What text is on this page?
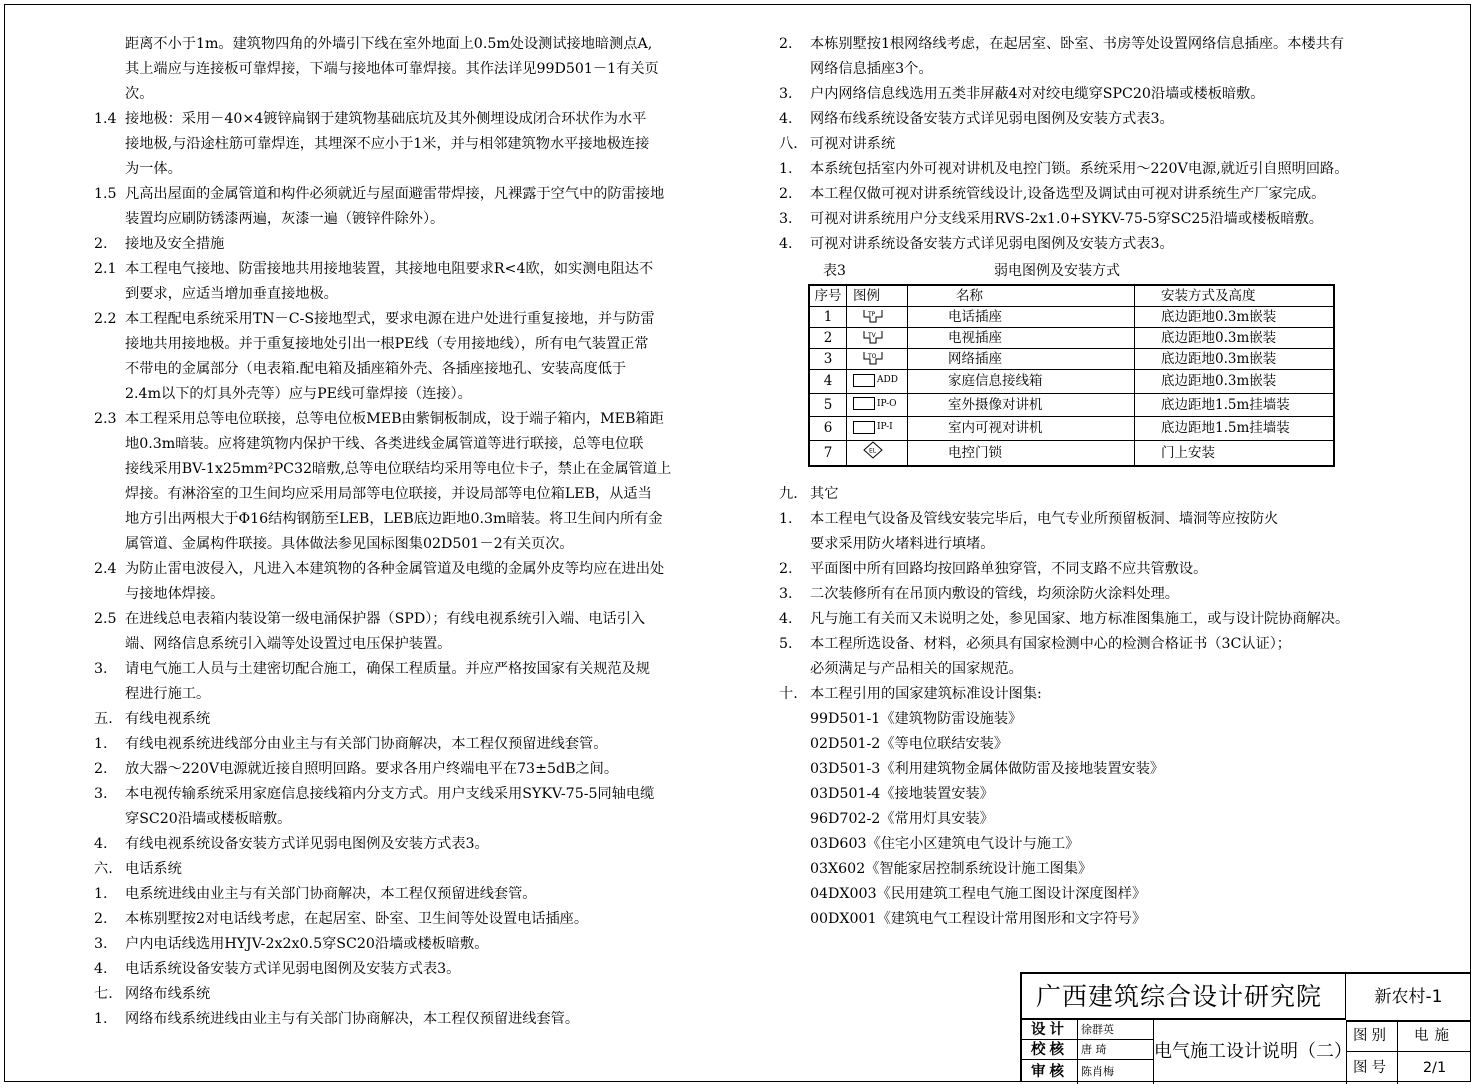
距离不小于1m。建筑物四角的外墙引下线在室外地面上0.5m处设测试接地暗测点A,
其上端应与连接板可靠焊接，下端与接地体可靠焊接。其作法详见99D501－1有关页
次。
1.4 接地极：采用－40×4镀锌扁钢于建筑物基础底坑及其外侧埋设成闭合环状作为水平
接地极,与沿途柱筋可靠焊连，其埋深不应小于1米，并与相邻建筑物水平接地极连接
为一体。
1.5 凡高出屋面的金属管道和构件必须就近与屋面避雷带焊接，凡裸露于空气中的防雷接地
装置均应刷防锈漆两遍，灰漆一遍（镀锌件除外）。
2.	接地及安全措施
2.1 本工程电气接地、防雷接地共用接地装置，其接地电阻要求R<4欧，如实测电阻达不
到要求，应适当增加垂直接地极。
2.2 本工程配电系统采用TN－C-S接地型式，要求电源在进户处进行重复接地，并与防雷
接地共用接地极。并于重复接地处引出一根PE线（专用接地线），所有电气装置正常
不带电的金属部分（电表箱.配电箱及插座箱外壳、各插座接地孔、安装高度低于
2.4m以下的灯具外壳等）应与PE线可靠焊接（连接）。
2.3 本工程采用总等电位联接，总等电位板MEB由紫铜板制成，设于端子箱内，MEB箱距
地0.3m暗装。应将建筑物内保护干线、各类进线金属管道等进行联接，总等电位联
接线采用BV-1x25mm²PC32暗敷,总等电位联结均采用等电位卡子，禁止在金属管道上
焊接。有淋浴室的卫生间均应采用局部等电位联接，并设局部等电位箱LEB，从适当
地方引出两根大于Φ16结构钢筋至LEB，LEB底边距地0.3m暗装。将卫生间内所有金
属管道、金属构件联接。具体做法参见国标图集02D501－2有关页次。
2.4 为防止雷电波侵入，凡进入本建筑物的各种金属管道及电缆的金属外皮等均应在进出处
与接地体焊接。
2.5 在进线总电表箱内装设第一级电涌保护器（SPD）；有线电视系统引入端、电话引入
端、网络信息系统引入端等处设置过电压保护装置。
3.	请电气施工人员与土建密切配合施工，确保工程质量。并应严格按国家有关规范及规
程进行施工。
五. 有线电视系统
1.	有线电视系统进线部分由业主与有关部门协商解决，本工程仅预留进线套管。
2.	放大器～220V电源就近接自照明回路。要求各用户终端电平在73±5dB之间。
3.	本电视传输系统采用家庭信息接线箱内分支方式。用户支线采用SYKV-75-5同轴电缆
穿SC20沿墙或楼板暗敷。
4.	有线电视系统设备安装方式详见弱电图例及安装方式表3。
六. 电话系统
1.	电系统进线由业主与有关部门协商解决，本工程仅预留进线套管。
2.	本栋别墅按2对电话线考虑，在起居室、卧室、卫生间等处设置电话插座。
3.	户内电话线选用HYJV-2x2x0.5穿SC20沿墙或楼板暗敷。
4.	电话系统设备安装方式详见弱电图例及安装方式表3。
七. 网络布线系统
1.	网络布线系统进线由业主与有关部门协商解决，本工程仅预留进线套管。
2.	本栋别墅按1根网络线考虑，在起居室、卧室、书房等处设置网络信息插座。本楼共有
网络信息插座3个。
3.	户内网络信息线选用五类非屏蔽4对对绞电缆穿SPC20沿墙或楼板暗敷。
4.	网络布线系统设备安装方式详见弱电图例及安装方式表3。
八. 可视对讲系统
1.	本系统包括室内外可视对讲机及电控门锁。系统采用～220V电源,就近引自照明回路。
2.	本工程仅做可视对讲系统管线设计,设备选型及调试由可视对讲系统生产厂家完成。
3.	可视对讲系统用户分支线采用RVS-2x1.0+SYKV-75-5穿SC25沿墙或楼板暗敷。
4.	可视对讲系统设备安装方式详见弱电图例及安装方式表3。
表3	弱电图例及安装方式
序号	图例	名称	安装方式及高度
1	TP	电话插座	底边距地0.3m嵌装
2	TV	电视插座	底边距地0.3m嵌装
3	TO	网络插座	底边距地0.3m嵌装
4	ADD	家庭信息接线箱	底边距地0.3m嵌装
5	IP-O	室外摄像对讲机	底边距地1.5m挂墙装
6	IP-I	室内可视对讲机	底边距地1.5m挂墙装
7	EL	电控门锁	门上安装
九. 其它
1.	本工程电气设备及管线安装完毕后，电气专业所预留板洞、墙洞等应按防火
要求采用防火堵料进行填堵。
2.	平面图中所有回路均按回路单独穿管，不同支路不应共管敷设。
3.	二次装修所有在吊顶内敷设的管线，均须涂防火涂料处理。
4.	凡与施工有关而又未说明之处，参见国家、地方标准图集施工，或与设计院协商解决。
5.	本工程所选设备、材料，必须具有国家检测中心的检测合格证书（3C认证）；
必须满足与产品相关的国家规范。
十. 本工程引用的国家建筑标准设计图集:
99D501-1《建筑物防雷设施装》
02D501-2《等电位联结安装》
03D501-3《利用建筑物金属体做防雷及接地装置安装》
03D501-4《接地装置安装》
96D702-2《常用灯具安装》
03D603《住宅小区建筑电气设计与施工》
03X602《智能家居控制系统设计施工图集》
04DX003《民用建筑工程电气施工图设计深度图样》
00DX001《建筑电气工程设计常用图形和文字符号》
广西建筑综合设计研究院	新农村-1
设计	徐群英
校核	唐 琦
审核	陈肖梅
电气施工设计说明（二）
图别	电施
图号	2/1
